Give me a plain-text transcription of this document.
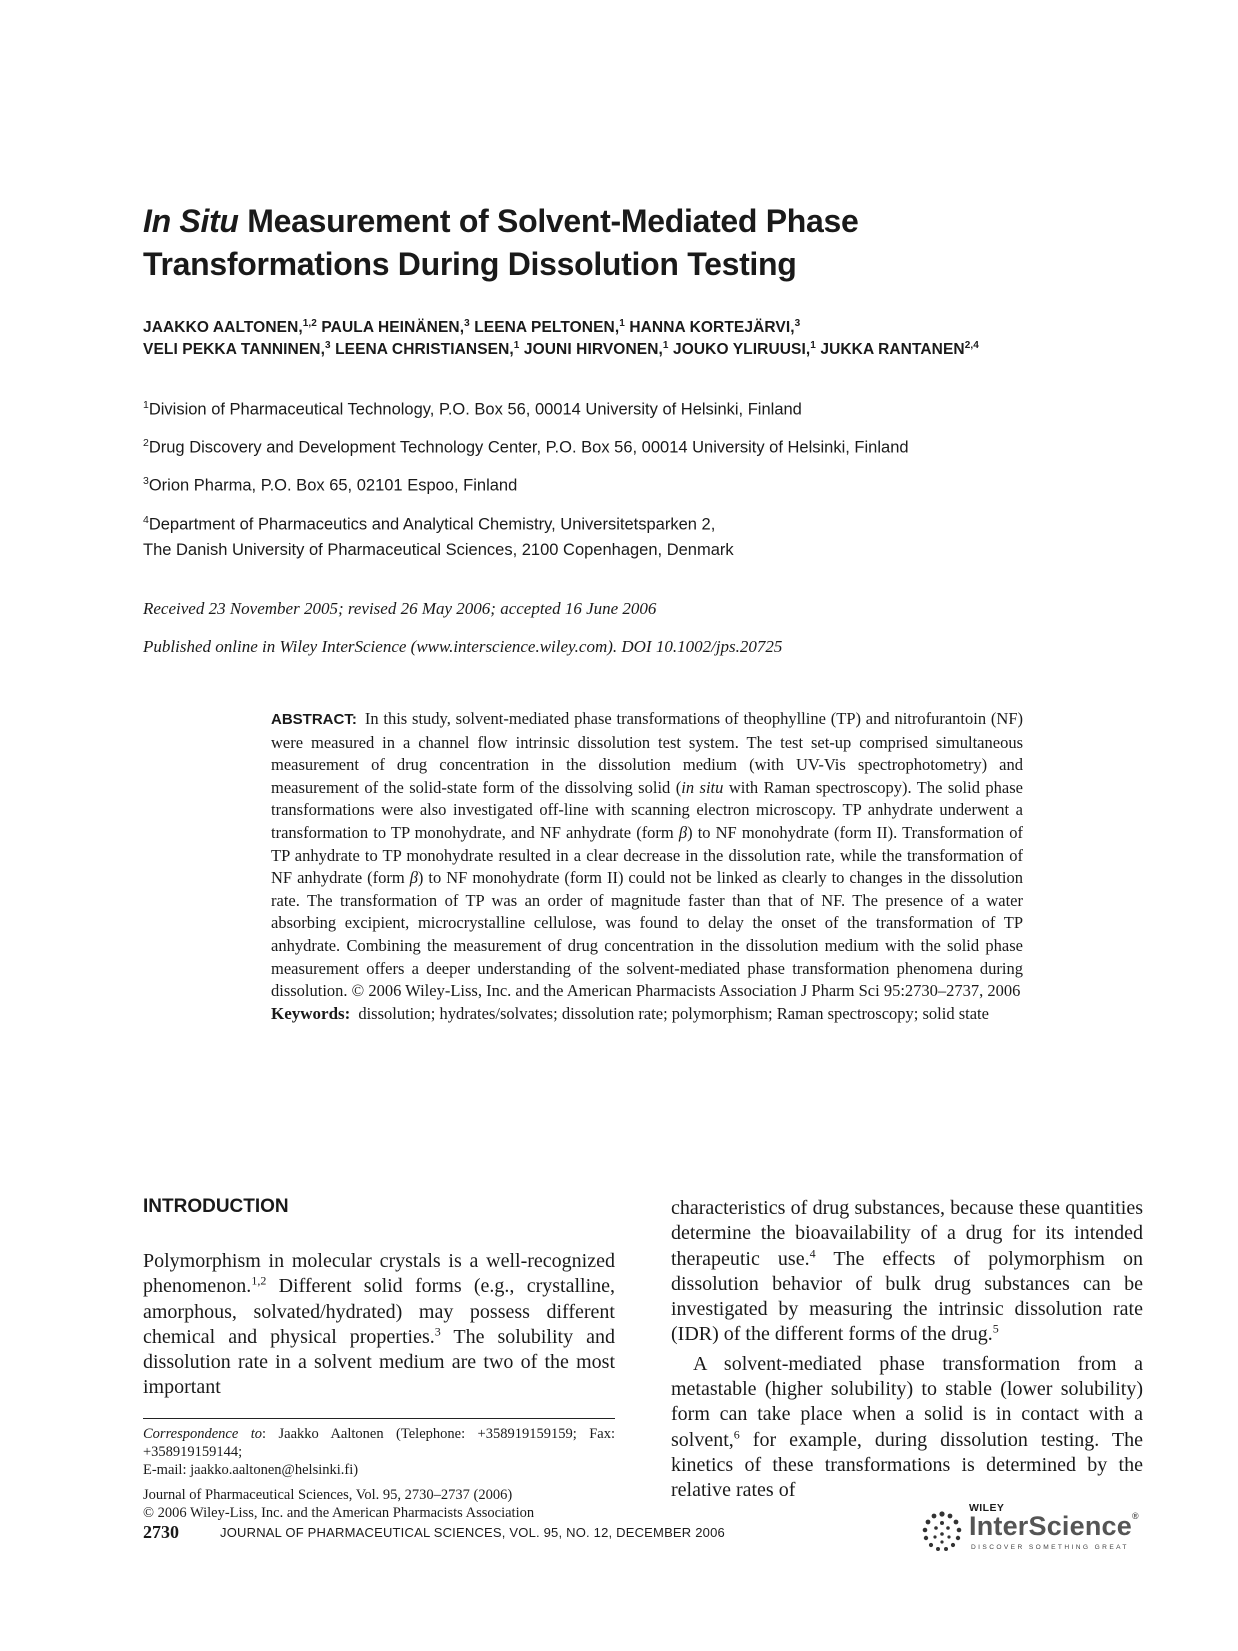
In Situ Measurement of Solvent-Mediated Phase
Transformations During Dissolution Testing
JAAKKO AALTONEN,$^{1,2}$ PAULA HEINÄNEN,$^3$ LEENA PELTONEN,$^1$ HANNA KORTEJÄRVI,$^3$
VELI PEKKA TANNINEN,$^3$ LEENA CHRISTIANSEN,$^1$ JOUNI HIRVONEN,$^1$ JOUKO YLIRUUSI,$^1$ JUKKA RANTANEN$^{2,4}$
$^1$Division of Pharmaceutical Technology, P.O. Box 56, 00014 University of Helsinki, Finland
$^2$Drug Discovery and Development Technology Center, P.O. Box 56, 00014 University of Helsinki, Finland
$^3$Orion Pharma, P.O. Box 65, 02101 Espoo, Finland
$^4$Department of Pharmaceutics and Analytical Chemistry, Universitetsparken 2,
The Danish University of Pharmaceutical Sciences, 2100 Copenhagen, Denmark
Received 23 November 2005; revised 26 May 2006; accepted 16 June 2006
Published online in Wiley InterScience (www.interscience.wiley.com). DOI 10.1002/jps.20725

ABSTRACT: In this study, solvent-mediated phase transformations of theophylline (TP) and nitrofurantoin (NF) were measured in a channel flow intrinsic dissolution test system. The test set-up comprised simultaneous measurement of drug concentration in the dissolution medium (with UV-Vis spectrophotometry) and measurement of the solid-state form of the dissolving solid (in situ with Raman spectroscopy). The solid phase transformations were also investigated off-line with scanning electron microscopy. TP anhydrate underwent a transformation to TP monohydrate, and NF anhydrate (form β) to NF monohydrate (form II). Transformation of TP anhydrate to TP monohydrate resulted in a clear decrease in the dissolution rate, while the transformation of NF anhydrate (form β) to NF monohydrate (form II) could not be linked as clearly to changes in the dissolution rate. The transformation of TP was an order of magnitude faster than that of NF. The presence of a water absorbing excipient, microcrystalline cellulose, was found to delay the onset of the transformation of TP anhydrate. Combining the measurement of drug concentration in the dissolution medium with the solid phase measurement offers a deeper understanding of the solvent-mediated phase transformation phenomena during dissolution. © 2006 Wiley-Liss, Inc. and the American Pharmacists Association J Pharm Sci 95:2730–2737, 2006

Keywords: dissolution; hydrates/solvates; dissolution rate; polymorphism; Raman spectroscopy; solid state

INTRODUCTION

Polymorphism in molecular crystals is a well-recognized phenomenon.$^{1,2}$ Different solid forms (e.g., crystalline, amorphous, solvated/hydrated) may possess different chemical and physical properties.$^3$ The solubility and dissolution rate in a solvent medium are two of the most important

characteristics of drug substances, because these quantities determine the bioavailability of a drug for its intended therapeutic use.$^4$ The effects of polymorphism on dissolution behavior of bulk drug substances can be investigated by measuring the intrinsic dissolution rate (IDR) of the different forms of the drug.$^5$

A solvent-mediated phase transformation from a metastable (higher solubility) to stable (lower solubility) form can take place when a solid is in contact with a solvent,$^6$ for example, during dissolution testing. The kinetics of these transformations is determined by the relative rates of

Correspondence to: Jaakko Aaltonen (Telephone: +358919159159; Fax: +358919159144;

E-mail: jaakko.aaltonen@helsinki.fi)

Journal of Pharmaceutical Sciences, Vol. 95, 2730–2737 (2006)

© 2006 Wiley-Liss, Inc. and the American Pharmacists Association

2730	JOURNAL OF PHARMACEUTICAL SCIENCES, VOL. 95, NO. 12, DECEMBER 2006
WILEY
InterScience®
DISCOVER SOMETHING GREAT
